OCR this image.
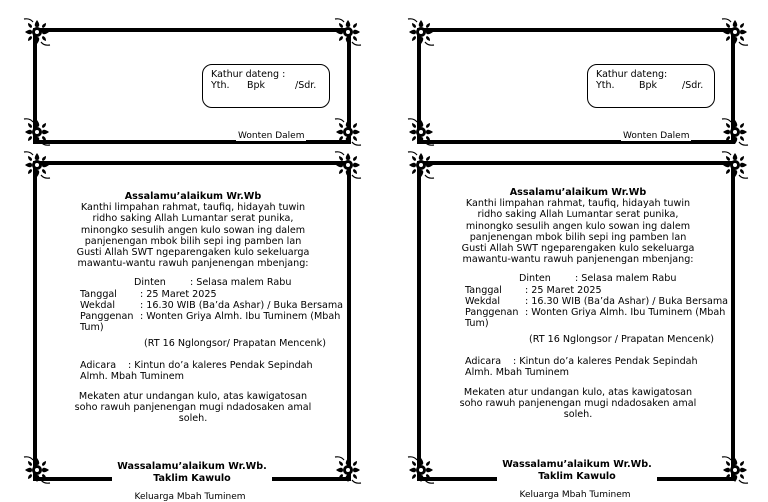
Kathur dateng :
Yth. Bpk	/Sdr.
Wonten Dalem
Assalamu’alaikum Wr.Wb
Kanthi limpahan rahmat, taufiq, hidayah tuwin
ridho saking Allah Lumantar serat punika,
minongko sesulih angen kulo sowan ing dalem
panjenengan mbok bilih sepi ing pamben lan
Gusti Allah SWT ngeparengaken kulo sekeluarga
mawantu-wantu rawuh panjenengan mbenjang:
Dinten	: Selasa malem Rabu
Tanggal	: 25 Maret 2025
Wekdal	: 16.30 WIB (Ba’da Ashar) / Buka Bersama
Panggenan : Wonten Griya Almh. Ibu Tuminem (Mbah
Tum)
(RT 16 Nglongsor/ Prapatan Mencenk)
Adicara	: Kintun do’a kaleres Pendak Sepindah
Almh. Mbah Tuminem
Mekaten atur undangan kulo, atas kawigatosan
soho rawuh panjenengan mugi ndadosaken amal
soleh.
Wassalamu’alaikum Wr.Wb.
Taklim Kawulo
Keluarga Mbah Tuminem
Kathur dateng:
Yth.	Bpk	/Sdr.
Wonten Dalem
Assalamu’alaikum Wr.Wb
Kanthi limpahan rahmat, taufiq, hidayah tuwin
ridho saking Allah Lumantar serat punika,
minongko sesulih angen kulo sowan ing dalem
panjenengan mbok bilih sepi ing pamben lan
Gusti Allah SWT ngeparengaken kulo sekeluarga
mawantu-wantu rawuh panjenengan mbenjang:
Dinten	: Selasa malem Rabu
Tanggal	: 25 Maret 2025
Wekdal	: 16.30 WIB (Ba’da Ashar) / Buka Bersama
Panggenan : Wonten Griya Almh. Ibu Tuminem (Mbah
Tum)
(RT 16 Nglongsor / Prapatan Mencenk)
Adicara	: Kintun do’a kaleres Pendak Sepindah
Almh. Mbah Tuminem
Mekaten atur undangan kulo, atas kawigatosan
soho rawuh panjenengan mugi ndadosaken amal
soleh.
Wassalamu’alaikum Wr.Wb.
Taklim Kawulo
Keluarga Mbah Tuminem
